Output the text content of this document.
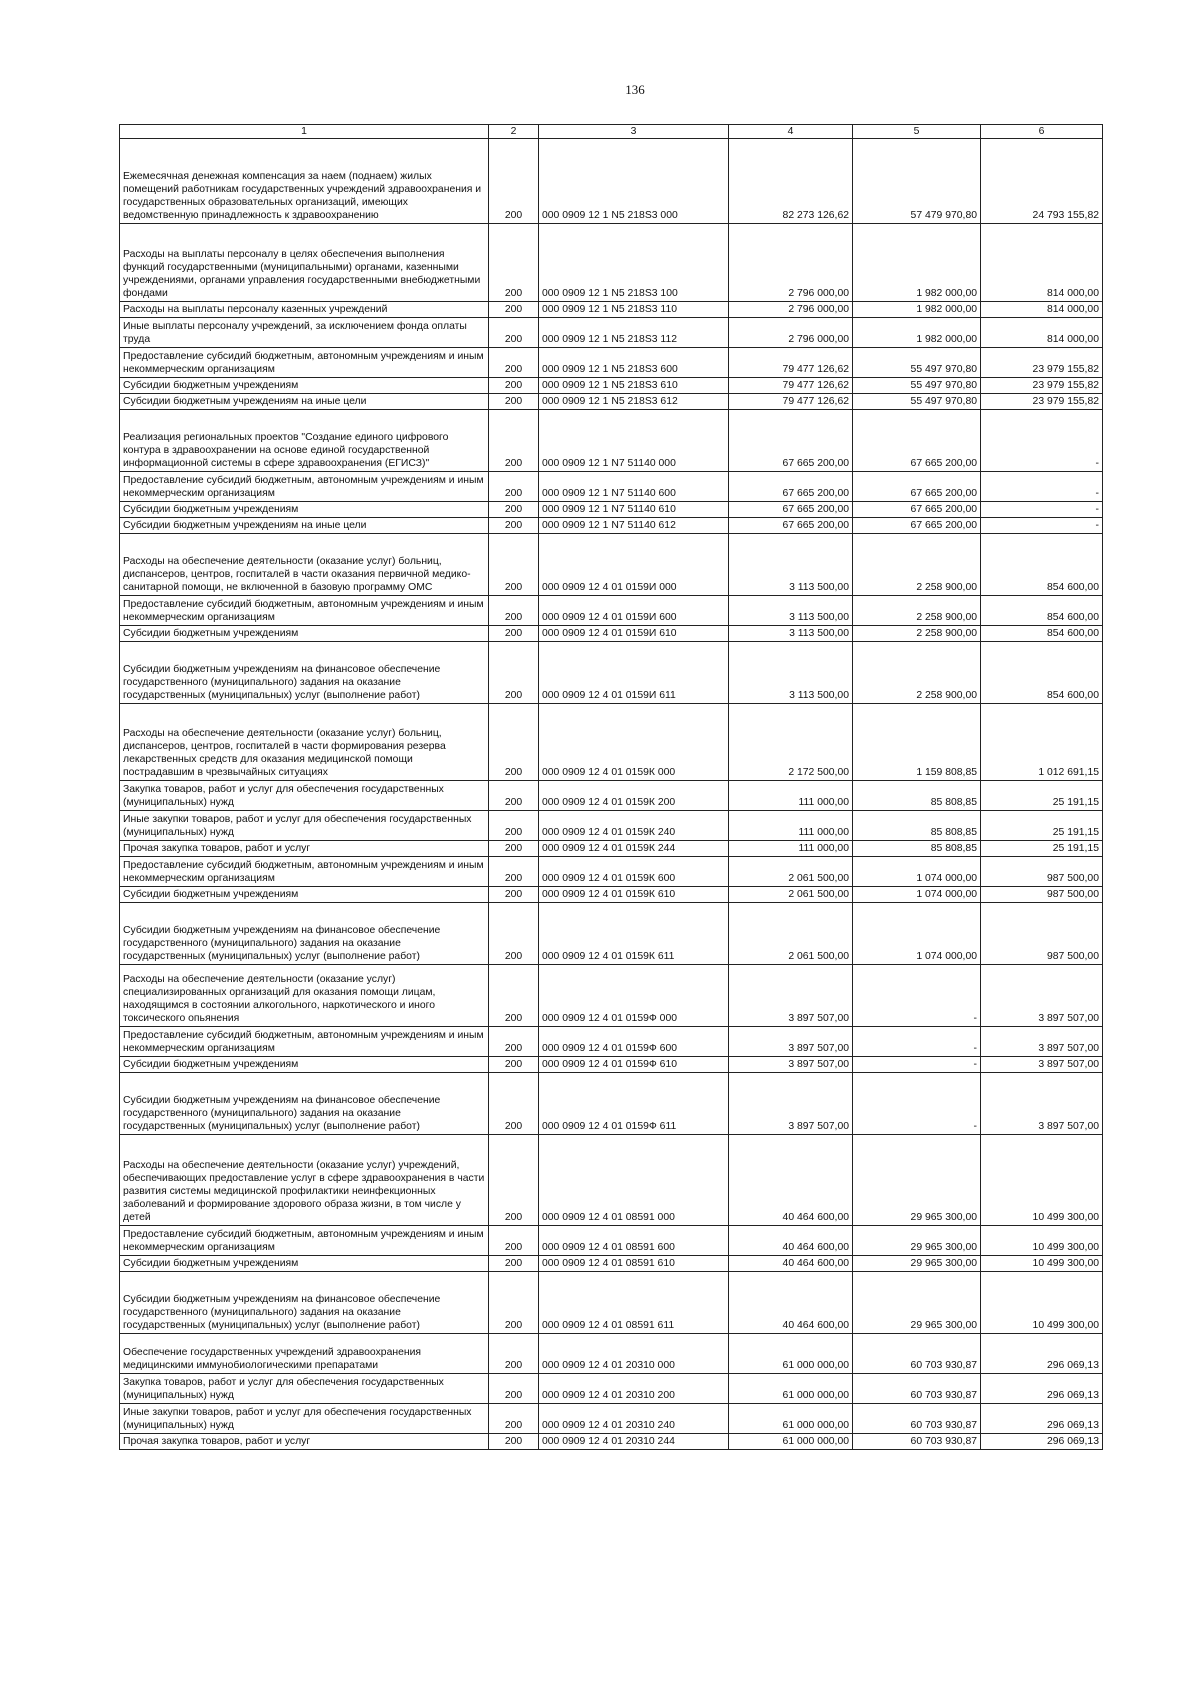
136
1	2	3	4	5	6
Ежемесячная денежная компенсация за наем (поднаем) жилых помещений работникам государственных учреждений здравоохранения и государственных образовательных организаций, имеющих ведомственную принадлежность к здравоохранению	200	000 0909 12 1 N5 218S3 000	82 273 126,62	57 479 970,80	24 793 155,82
Расходы на выплаты персоналу в целях обеспечения выполнения функций государственными (муниципальными) органами, казенными учреждениями, органами управления государственными внебюджетными фондами	200	000 0909 12 1 N5 218S3 100	2 796 000,00	1 982 000,00	814 000,00
Расходы на выплаты персоналу казенных учреждений	200	000 0909 12 1 N5 218S3 110	2 796 000,00	1 982 000,00	814 000,00
Иные выплаты персоналу учреждений, за исключением фонда оплаты труда	200	000 0909 12 1 N5 218S3 112	2 796 000,00	1 982 000,00	814 000,00
Предоставление субсидий бюджетным, автономным учреждениям и иным некоммерческим организациям	200	000 0909 12 1 N5 218S3 600	79 477 126,62	55 497 970,80	23 979 155,82
Субсидии бюджетным учреждениям	200	000 0909 12 1 N5 218S3 610	79 477 126,62	55 497 970,80	23 979 155,82
Субсидии бюджетным учреждениям на иные цели	200	000 0909 12 1 N5 218S3 612	79 477 126,62	55 497 970,80	23 979 155,82
Реализация региональных проектов "Создание единого цифрового контура в здравоохранении на основе единой государственной информационной системы в сфере здравоохранения (ЕГИСЗ)"	200	000 0909 12 1 N7 51140 000	67 665 200,00	67 665 200,00	-
Предоставление субсидий бюджетным, автономным учреждениям и иным некоммерческим организациям	200	000 0909 12 1 N7 51140 600	67 665 200,00	67 665 200,00	-
Субсидии бюджетным учреждениям	200	000 0909 12 1 N7 51140 610	67 665 200,00	67 665 200,00	-
Субсидии бюджетным учреждениям на иные цели	200	000 0909 12 1 N7 51140 612	67 665 200,00	67 665 200,00	-
Расходы на обеспечение деятельности (оказание услуг) больниц, диспансеров, центров, госпиталей в части оказания первичной медико-санитарной помощи, не включенной в базовую программу ОМС	200	000 0909 12 4 01 0159И 000	3 113 500,00	2 258 900,00	854 600,00
Предоставление субсидий бюджетным, автономным учреждениям и иным некоммерческим организациям	200	000 0909 12 4 01 0159И 600	3 113 500,00	2 258 900,00	854 600,00
Субсидии бюджетным учреждениям	200	000 0909 12 4 01 0159И 610	3 113 500,00	2 258 900,00	854 600,00
Субсидии бюджетным учреждениям на финансовое обеспечение государственного (муниципального) задания на оказание государственных (муниципальных) услуг (выполнение работ)	200	000 0909 12 4 01 0159И 611	3 113 500,00	2 258 900,00	854 600,00
Расходы на обеспечение деятельности (оказание услуг) больниц, диспансеров, центров, госпиталей в части формирования резерва лекарственных средств для оказания медицинской помощи пострадавшим в чрезвычайных ситуациях	200	000 0909 12 4 01 0159К 000	2 172 500,00	1 159 808,85	1 012 691,15
Закупка товаров, работ и услуг для обеспечения государственных (муниципальных) нужд	200	000 0909 12 4 01 0159К 200	111 000,00	85 808,85	25 191,15
Иные закупки товаров, работ и услуг для обеспечения государственных (муниципальных) нужд	200	000 0909 12 4 01 0159К 240	111 000,00	85 808,85	25 191,15
Прочая закупка товаров, работ и услуг	200	000 0909 12 4 01 0159К 244	111 000,00	85 808,85	25 191,15
Предоставление субсидий бюджетным, автономным учреждениям и иным некоммерческим организациям	200	000 0909 12 4 01 0159К 600	2 061 500,00	1 074 000,00	987 500,00
Субсидии бюджетным учреждениям	200	000 0909 12 4 01 0159К 610	2 061 500,00	1 074 000,00	987 500,00
Субсидии бюджетным учреждениям на финансовое обеспечение государственного (муниципального) задания на оказание государственных (муниципальных) услуг (выполнение работ)	200	000 0909 12 4 01 0159К 611	2 061 500,00	1 074 000,00	987 500,00
Расходы на обеспечение деятельности (оказание услуг) специализированных организаций для оказания помощи лицам, находящимся в состоянии алкогольного, наркотического и иного токсического опьянения	200	000 0909 12 4 01 0159Ф 000	3 897 507,00	-	3 897 507,00
Предоставление субсидий бюджетным, автономным учреждениям и иным некоммерческим организациям	200	000 0909 12 4 01 0159Ф 600	3 897 507,00	-	3 897 507,00
Субсидии бюджетным учреждениям	200	000 0909 12 4 01 0159Ф 610	3 897 507,00	-	3 897 507,00
Субсидии бюджетным учреждениям на финансовое обеспечение государственного (муниципального) задания на оказание государственных (муниципальных) услуг (выполнение работ)	200	000 0909 12 4 01 0159Ф 611	3 897 507,00	-	3 897 507,00
Расходы на обеспечение деятельности (оказание услуг) учреждений, обеспечивающих предоставление услуг в сфере здравоохранения в части развития системы медицинской профилактики неинфекционных заболеваний и формирование здорового образа жизни, в том числе у детей	200	000 0909 12 4 01 08591 000	40 464 600,00	29 965 300,00	10 499 300,00
Предоставление субсидий бюджетным, автономным учреждениям и иным некоммерческим организациям	200	000 0909 12 4 01 08591 600	40 464 600,00	29 965 300,00	10 499 300,00
Субсидии бюджетным учреждениям	200	000 0909 12 4 01 08591 610	40 464 600,00	29 965 300,00	10 499 300,00
Субсидии бюджетным учреждениям на финансовое обеспечение государственного (муниципального) задания на оказание государственных (муниципальных) услуг (выполнение работ)	200	000 0909 12 4 01 08591 611	40 464 600,00	29 965 300,00	10 499 300,00
Обеспечение государственных учреждений здравоохранения медицинскими иммунобиологическими препаратами	200	000 0909 12 4 01 20310 000	61 000 000,00	60 703 930,87	296 069,13
Закупка товаров, работ и услуг для обеспечения государственных (муниципальных) нужд	200	000 0909 12 4 01 20310 200	61 000 000,00	60 703 930,87	296 069,13
Иные закупки товаров, работ и услуг для обеспечения государственных (муниципальных) нужд	200	000 0909 12 4 01 20310 240	61 000 000,00	60 703 930,87	296 069,13
Прочая закупка товаров, работ и услуг	200	000 0909 12 4 01 20310 244	61 000 000,00	60 703 930,87	296 069,13
